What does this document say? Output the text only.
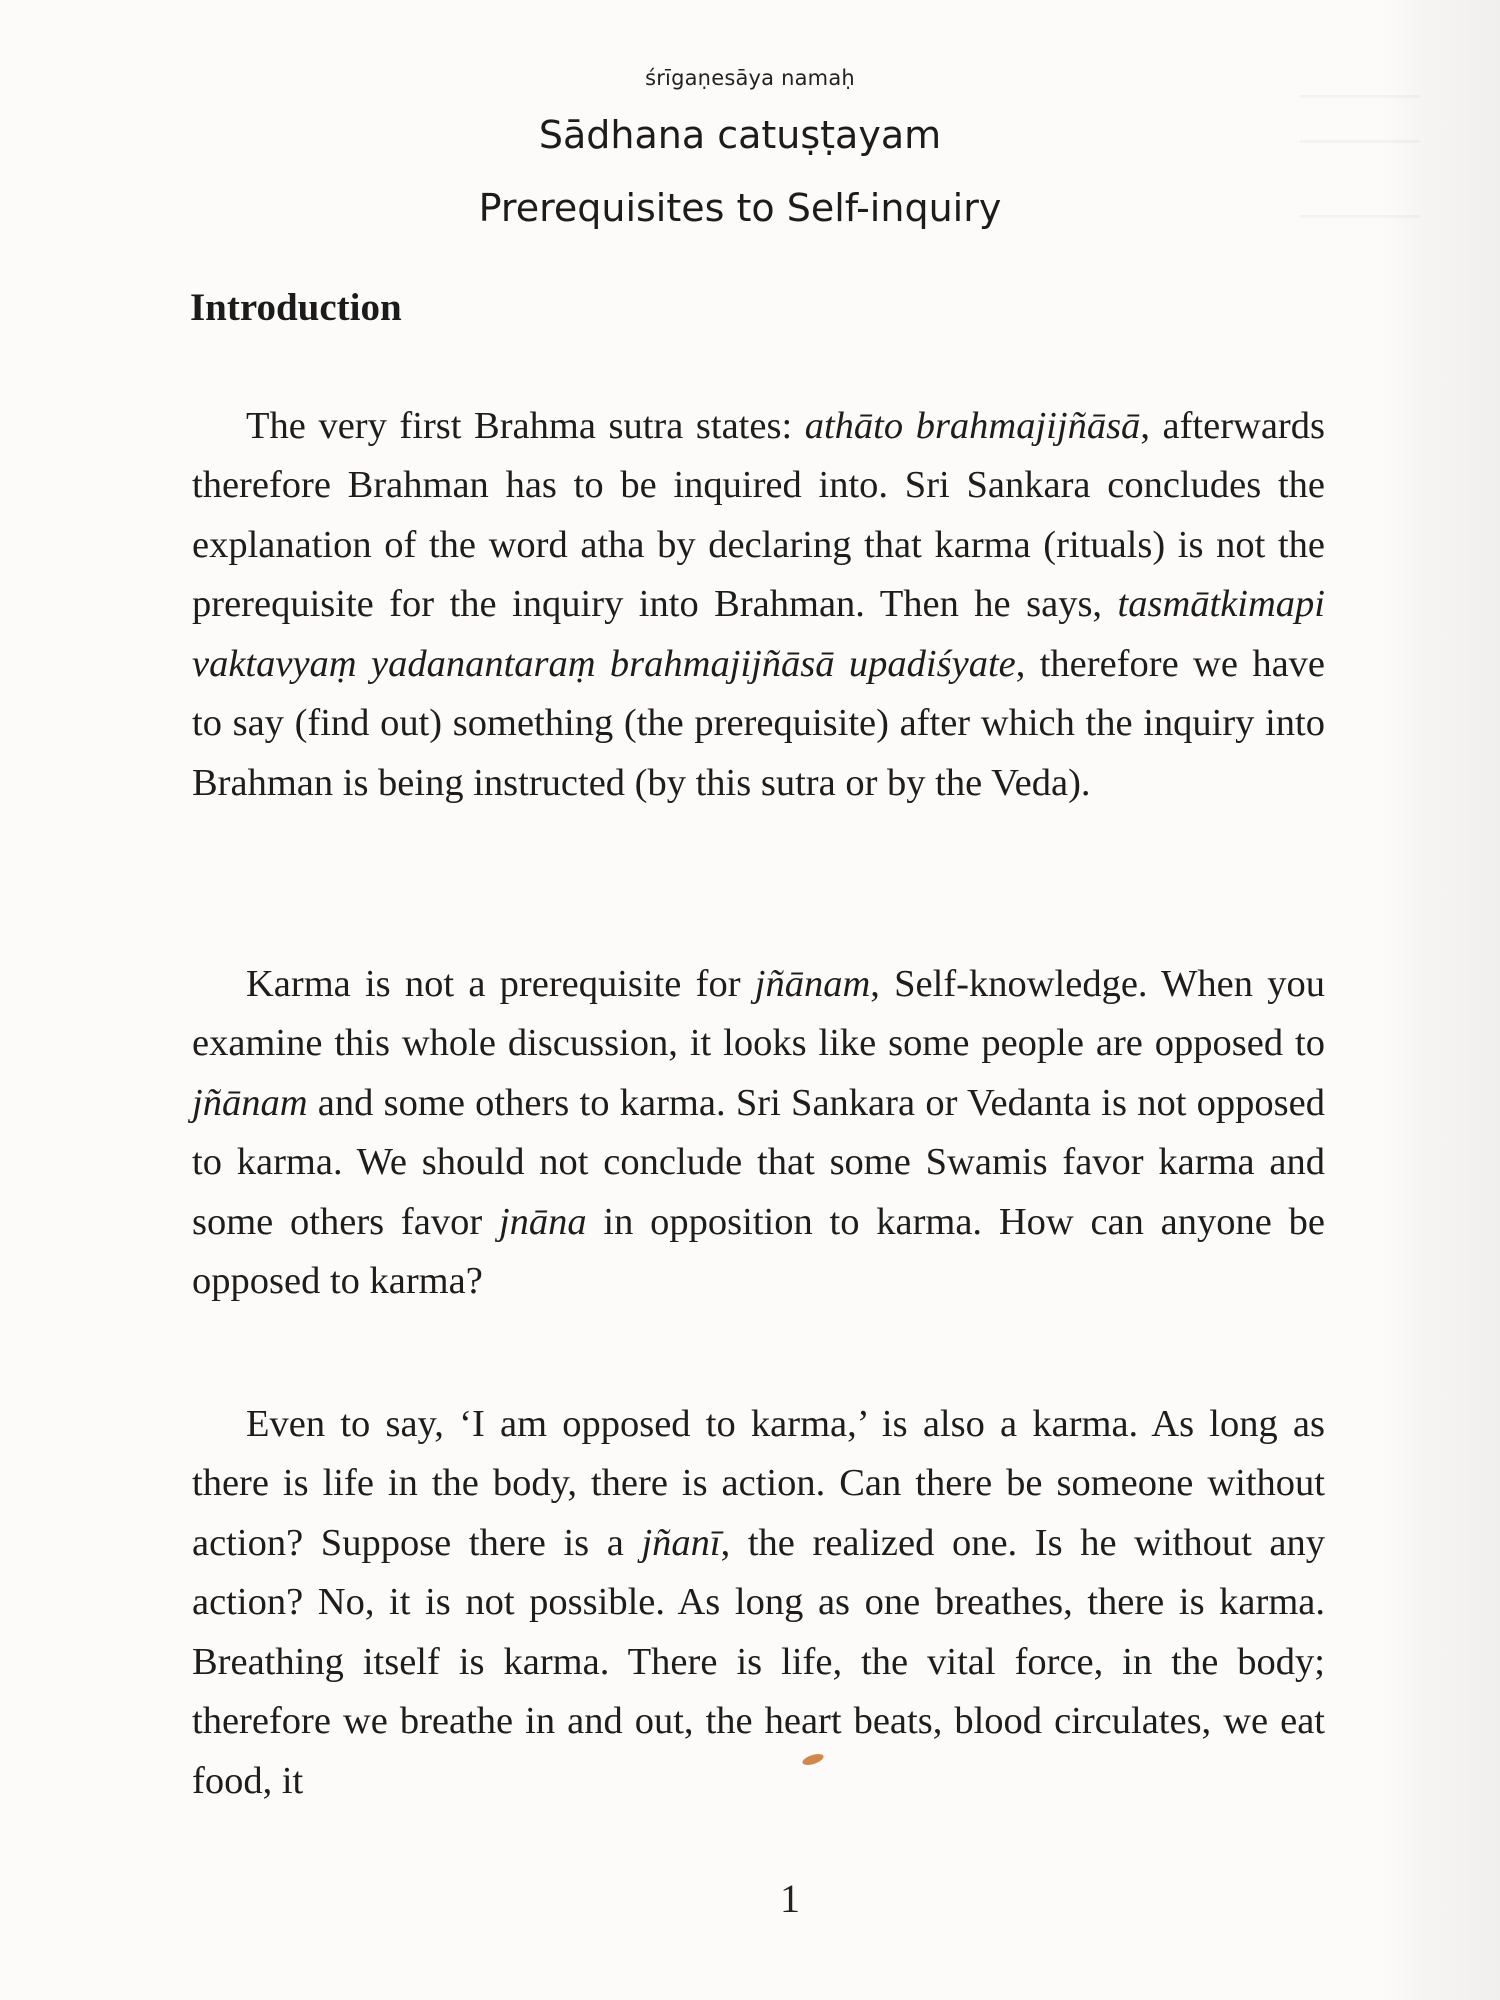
śrīgaṇesāya namaḥ
Sādhana catuṣṭayam
Prerequisites to Self-inquiry
Introduction

The very first Brahma sutra states: athāto brahmajijñāsā, afterwards therefore Brahman has to be inquired into. Sri Sankara concludes the explanation of the word atha by declaring that karma (rituals) is not the prerequisite for the inquiry into Brahman. Then he says, tasmātkimapi vaktavyaṃ yadanantaraṃ brahmajijñāsā upadiśyate, therefore we have to say (find out) something (the prerequisite) after which the inquiry into Brahman is being instructed (by this sutra or by the Veda).

Karma is not a prerequisite for jñānam, Self-knowledge. When you examine this whole discussion, it looks like some people are opposed to jñānam and some others to karma. Sri Sankara or Vedanta is not opposed to karma. We should not conclude that some Swamis favor karma and some others favor jnāna in opposition to karma. How can anyone be opposed to karma?

Even to say, ‘I am opposed to karma,’ is also a karma. As long as there is life in the body, there is action. Can there be someone without action? Suppose there is a jñanī, the realized one. Is he without any action? No, it is not possible. As long as one breathes, there is karma. Breathing itself is karma. There is life, the vital force, in the body; therefore we breathe in and out, the heart beats, blood circulates, we eat food, it

1
